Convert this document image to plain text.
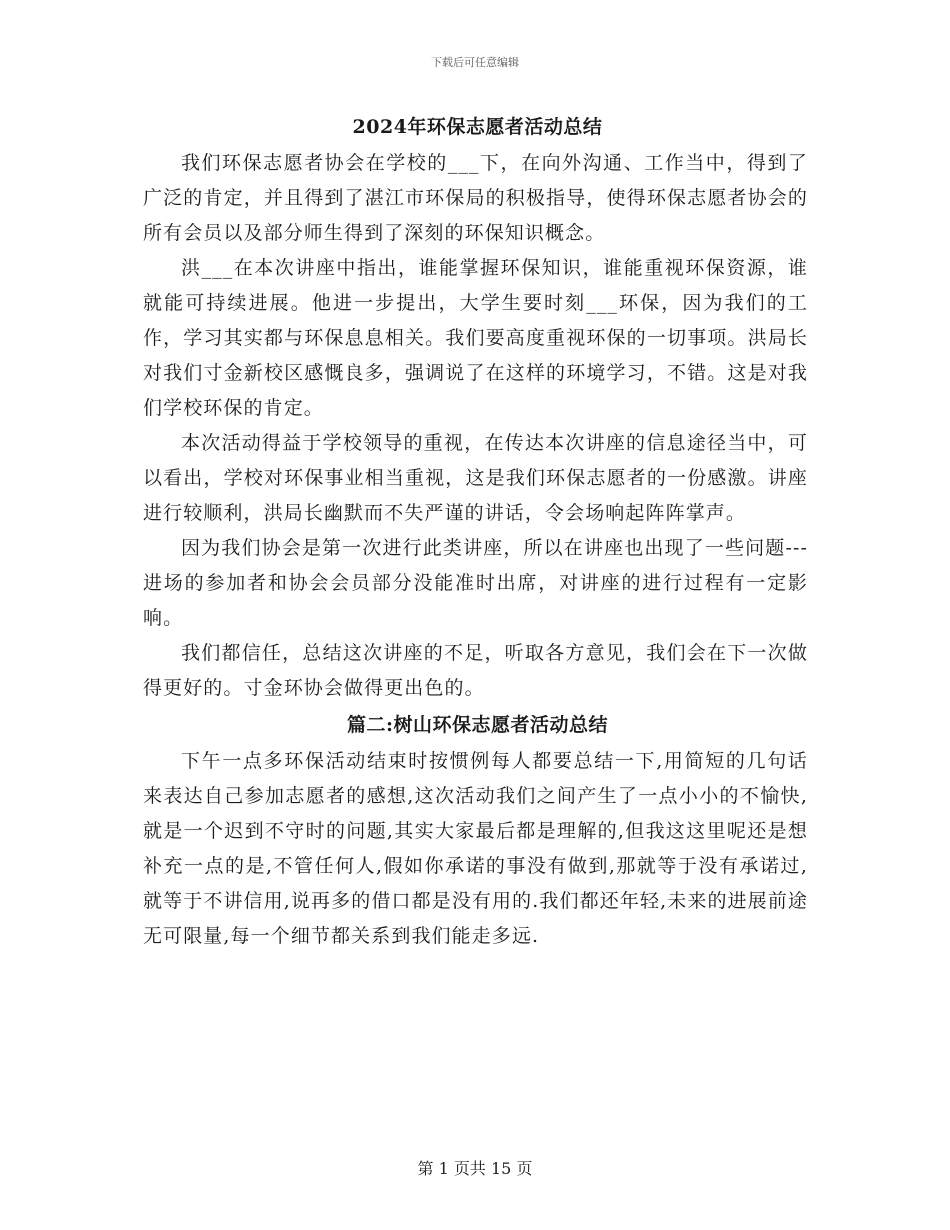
下载后可任意编辑
2024年环保志愿者活动总结

我们环保志愿者协会在学校的___下，在向外沟通、工作当中，得到了广泛的肯定，并且得到了湛江市环保局的积极指导，使得环保志愿者协会的所有会员以及部分师生得到了深刻的环保知识概念。

洪___在本次讲座中指出，谁能掌握环保知识，谁能重视环保资源，谁就能可持续进展。他进一步提出，大学生要时刻___环保，因为我们的工作，学习其实都与环保息息相关。我们要高度重视环保的一切事项。洪局长对我们寸金新校区感慨良多，强调说了在这样的环境学习，不错。这是对我们学校环保的肯定。

本次活动得益于学校领导的重视，在传达本次讲座的信息途径当中，可以看出，学校对环保事业相当重视，这是我们环保志愿者的一份感激。讲座进行较顺利，洪局长幽默而不失严谨的讲话，令会场响起阵阵掌声。

因为我们协会是第一次进行此类讲座，所以在讲座也出现了一些问题---进场的参加者和协会会员部分没能准时出席，对讲座的进行过程有一定影响。

我们都信任，总结这次讲座的不足，听取各方意见，我们会在下一次做得更好的。寸金环协会做得更出色的。

篇二:树山环保志愿者活动总结

下午一点多环保活动结束时按惯例每人都要总结一下,用简短的几句话来表达自己参加志愿者的感想,这次活动我们之间产生了一点小小的不愉快,就是一个迟到不守时的问题,其实大家最后都是理解的,但我这这里呢还是想补充一点的是,不管任何人,假如你承诺的事没有做到,那就等于没有承诺过,就等于不讲信用,说再多的借口都是没有用的.我们都还年轻,未来的进展前途无可限量,每一个细节都关系到我们能走多远.

第 1 页共 15 页
